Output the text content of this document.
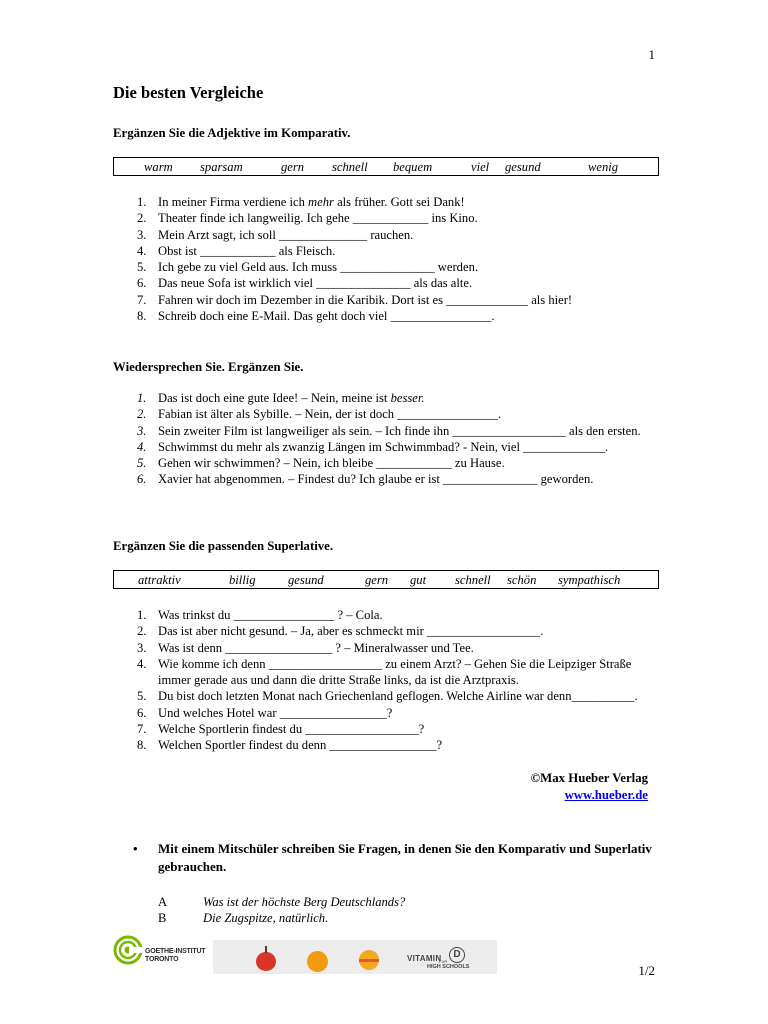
1
Die besten Vergleiche
Ergänzen Sie die Adjektive im Komparativ.
warm sparsam	gern schnell bequem	viel gesund	wenig
1. In meiner Firma verdiene ich mehr als früher. Gott sei Dank!
2. Theater finde ich langweilig. Ich gehe ____________ ins Kino.
3. Mein Arzt sagt, ich soll ______________ rauchen.
4. Obst ist ____________ als Fleisch.
5. Ich gebe zu viel Geld aus. Ich muss _______________ werden.
6. Das neue Sofa ist wirklich viel _______________ als das alte.
7. Fahren wir doch im Dezember in die Karibik. Dort ist es _____________ als hier!
8. Schreib doch eine E-Mail. Das geht doch viel ________________.
Wiedersprechen Sie. Ergänzen Sie.
1. Das ist doch eine gute Idee! – Nein, meine ist besser.
2. Fabian ist älter als Sybille. – Nein, der ist doch ________________.
3. Sein zweiter Film ist langweiliger als sein. – Ich finde ihn __________________ als den ersten.
4. Schwimmst du mehr als zwanzig Längen im Schwimmbad? - Nein, viel _____________.
5. Gehen wir schwimmen? – Nein, ich bleibe ____________ zu Hause.
6. Xavier hat abgenommen. – Findest du? Ich glaube er ist _______________ geworden.
Ergänzen Sie die passenden Superlative.
attraktiv	billig	gesund	gern gut schnell schön sympathisch
1. Was trinkst du ________________ ? – Cola.
2. Das ist aber nicht gesund. – Ja, aber es schmeckt mir __________________.
3. Was ist denn _________________ ? – Mineralwasser und Tee.
4. Wie komme ich denn __________________ zu einem Arzt? – Gehen Sie die Leipziger Straße immer gerade aus und dann die dritte Straße links, da ist die Arztpraxis.
5. Du bist doch letzten Monat nach Griechenland geflogen. Welche Airline war denn__________.
6. Und welches Hotel war _________________?
7. Welche Sportlerin findest du __________________?
8. Welchen Sportler findest du denn _________________?
©Max Hueber Verlag
www.hueber.de
• Mit einem Mitschüler schreiben Sie Fragen, in denen Sie den Komparativ und Superlativ gebrauchen.
A	Was ist der höchste Berg Deutschlands?
B	Die Zugspitze, natürlich.
GOETHE-INSTITUT
TORONTO	VITAMIN	D
FÜR
HIGH SCHOOLS	1/2
